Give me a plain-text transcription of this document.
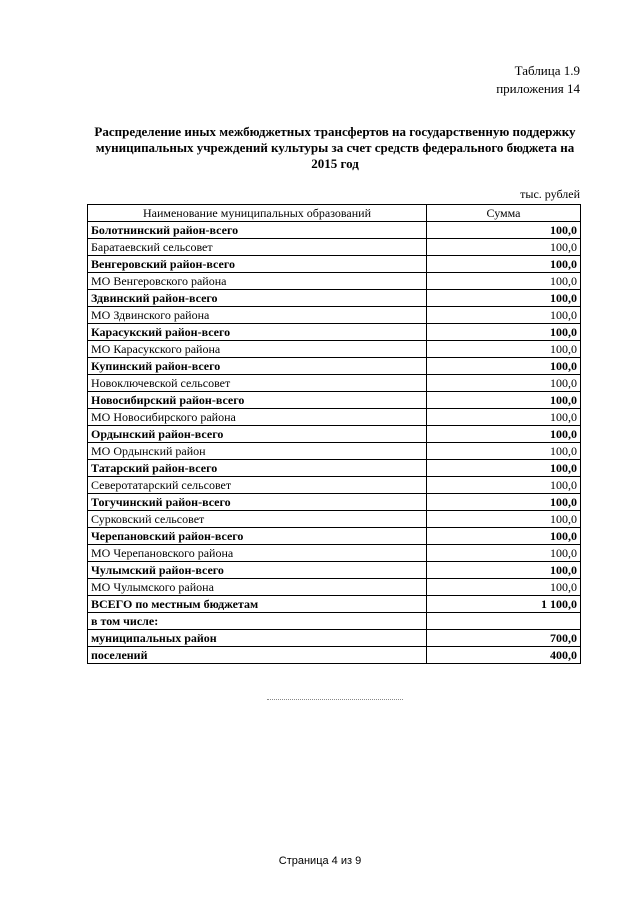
Таблица 1.9
приложения 14
Распределение иных межбюджетных трансфертов на государственную поддержку
муниципальных учреждений культуры за счет средств федерального бюджета на
2015 год
тыс. рублей
Наименование муниципальных образований	Сумма
Болотнинский район-всего	100,0
Баратаевский сельсовет	100,0
Венгеровский район-всего	100,0
МО Венгеровского района	100,0
Здвинский район-всего	100,0
МО Здвинского района	100,0
Карасукский район-всего	100,0
МО Карасукского района	100,0
Купинский район-всего	100,0
Новоключевской сельсовет	100,0
Новосибирский район-всего	100,0
МО Новосибирского района	100,0
Ордынский район-всего	100,0
МО Ордынский район	100,0
Татарский район-всего	100,0
Северотатарский сельсовет	100,0
Тогучинский район-всего	100,0
Сурковский сельсовет	100,0
Черепановский район-всего	100,0
МО Черепановского района	100,0
Чулымский район-всего	100,0
МО Чулымского района	100,0
ВСЕГО по местным бюджетам	1 100,0
в том числе:	
муниципальных район	700,0
поселений	400,0
Страница 4 из 9
